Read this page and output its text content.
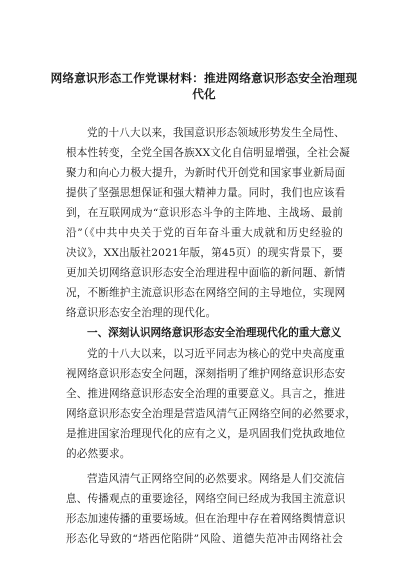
网络意识形态工作党课材料：推进网络意识形态安全治理现
代化
党的十八大以来，我国意识形态领域形势发生全局性、
根本性转变，全党全国各族XX文化自信明显增强，全社会凝
聚力和向心力极大提升，为新时代开创党和国家事业新局面
提供了坚强思想保证和强大精神力量。同时，我们也应该看
到，在互联网成为“意识形态斗争的主阵地、主战场、最前
沿”（《中共中央关于党的百年奋斗重大成就和历史经验的
决议》，XX出版社2021年版，第45页）的现实背景下，要
更加关切网络意识形态安全治理进程中面临的新问题、新情
况，不断维护主流意识形态在网络空间的主导地位，实现网
络意识形态安全治理的现代化。
一、深刻认识网络意识形态安全治理现代化的重大意义
党的十八大以来，以习近平同志为核心的党中央高度重
视网络意识形态安全问题，深刻指明了维护网络意识形态安
全、推进网络意识形态安全治理的重要意义。具言之，推进
网络意识形态安全治理是营造风清气正网络空间的必然要求，
是推进国家治理现代化的应有之义，是巩固我们党执政地位
的必然要求。
营造风清气正网络空间的必然要求。网络是人们交流信
息、传播观点的重要途径，网络空间已经成为我国主流意识
形态加速传播的重要场域。但在治理中存在着网络舆情意识
形态化导致的“塔西佗陷阱”风险、道德失范冲击网络社会
